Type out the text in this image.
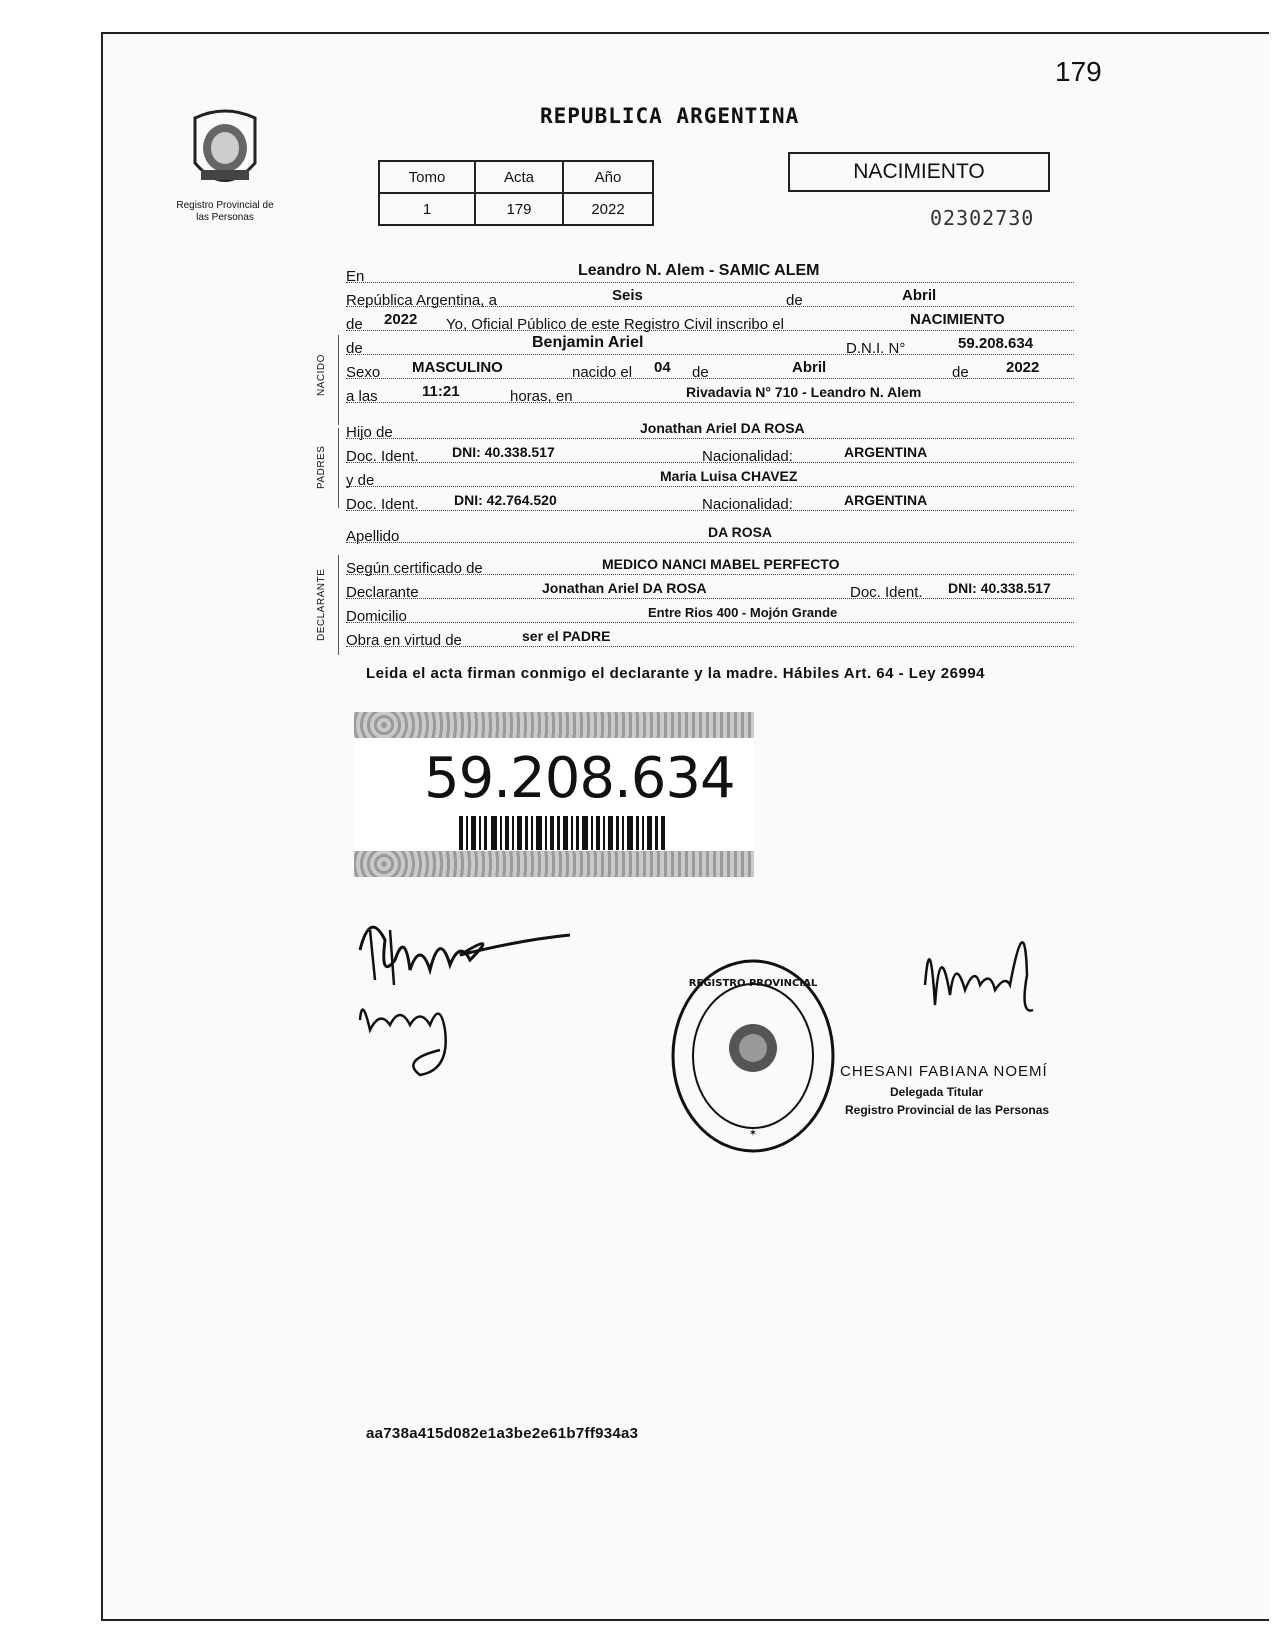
179
Registro Provincial de las Personas
REPUBLICA ARGENTINA
Tomo	Acta	Año
1	179	2022
NACIMIENTO
02302730
NACIDO
PADRES
DECLARANTE
En	Leandro N. Alem - SAMIC ALEM
República Argentina, a	Seis	de	Abril
de 2022 Yo, Oficial Público de este Registro Civil inscribo el	NACIMIENTO
de	Benjamin Ariel	D.N.I. N°	59.208.634
Sexo MASCULINO	nacido el 04 de	Abril	de 2022
a las	11:21	horas, en	Rivadavia N° 710 - Leandro N. Alem
Hijo de	Jonathan Ariel DA ROSA
Doc. Ident. DNI: 40.338.517	Nacionalidad:	ARGENTINA
y de	Maria Luisa CHAVEZ
Doc. Ident.	DNI: 42.764.520	Nacionalidad:	ARGENTINA
Apellido	DA ROSA
Según certificado de	MEDICO NANCI MABEL PERFECTO
Declarante	Jonathan Ariel DA ROSA	Doc. Ident. DNI: 40.338.517
Domicilio	Entre Rios 400 - Mojón Grande
Obra en virtud de	ser el PADRE
Leida el acta firman conmigo el declarante y la madre. Hábiles Art. 64 - Ley 26994
59.208.634
REGISTRO PROVINCIAL
✶
CHESANI FABIANA NOEMÍ
Delegada Titular
Registro Provincial de las Personas
aa738a415d082e1a3be2e61b7ff934a3
